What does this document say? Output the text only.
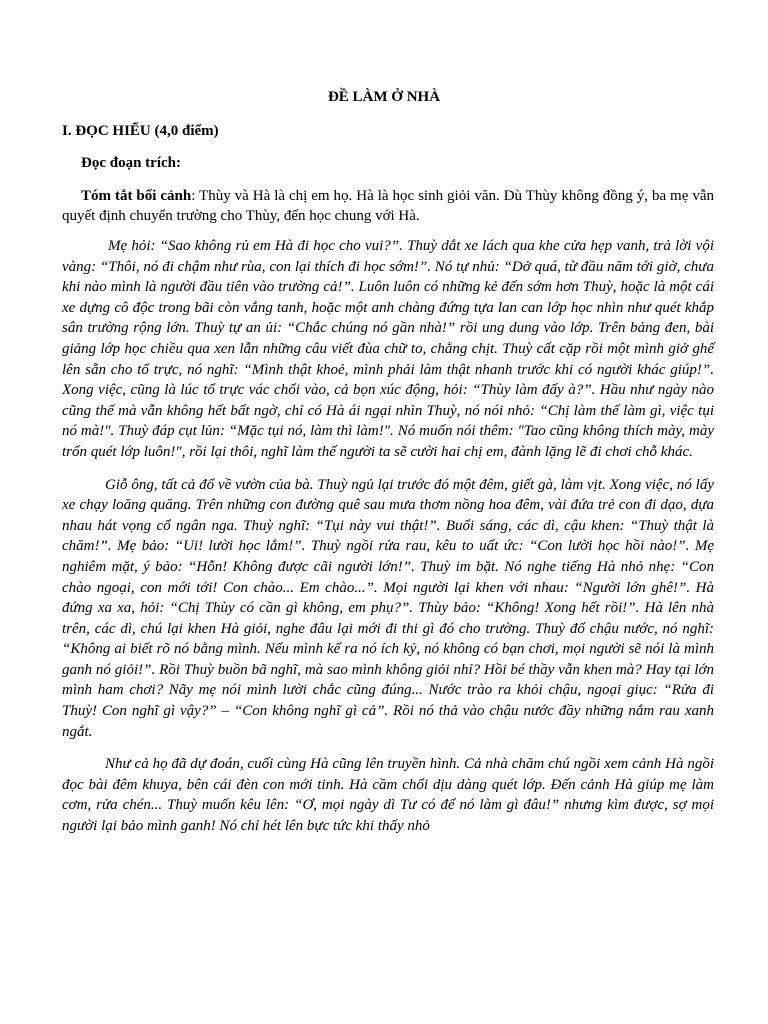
ĐỀ LÀM Ở NHÀ
I. ĐỌC HIỂU (4,0 điểm)
Đọc đoạn trích:

Tóm tắt bối cảnh: Thùy và Hà là chị em họ. Hà là học sinh giỏi văn. Dù Thùy không đồng ý, ba mẹ vẫn quyết định chuyển trường cho Thùy, đến học chung với Hà.

Mẹ hỏi: “Sao không rủ em Hà đi học cho vui?”. Thuỳ dắt xe lách qua khe cửa hẹp vanh, trả lời vội vàng: “Thôi, nó đi chậm như rùa, con lại thích đi học sớm!”. Nó tự nhủ: “Dở quá, từ đầu năm tới giờ, chưa khi nào mình là người đầu tiên vào trường cả!”. Luôn luôn có những kẻ đến sớm hơn Thuỳ, hoặc là một cái xe dựng cô độc trong bãi còn vắng tanh, hoặc một anh chàng đứng tựa lan can lớp học nhìn như quét khắp sân trường rộng lớn. Thuỳ tự an ủi: “Chắc chúng nó gần nhà!” rồi ung dung vào lớp. Trên bảng đen, bài giảng lớp học chiều qua xen lẫn những câu viết đùa chữ to, chằng chịt. Thuỳ cất cặp rồi một mình giở ghế lên sẵn cho tổ trực, nó nghĩ: “Mình thật khoẻ, mình phải làm thật nhanh trước khi có người khác giúp!”. Xong việc, cũng là lúc tổ trực vác chổi vào, cả bọn xúc động, hỏi: “Thùy làm đấy à?”. Hầu như ngày nào cũng thế mà vẫn không hết bất ngờ, chỉ có Hà ái ngại nhìn Thuỳ, nó nói nhỏ: “Chị làm thế làm gì, việc tụi nó mà!". Thuỳ đáp cụt lủn: “Mặc tụi nó, làm thì làm!". Nó muốn nói thêm: "Tao cũng không thích mày, mày trốn quét lớp luôn!", rồi lại thôi, nghĩ làm thế người ta sẽ cười hai chị em, đành lặng lẽ đi chơi chỗ khác.

Giỗ ông, tất cả đổ về vườn của bà. Thuỳ ngủ lại trước đó một đêm, giết gà, làm vịt. Xong việc, nó lấy xe chạy loăng quăng. Trên những con đường quê sau mưa thơm nồng hoa đêm, vài đứa trẻ con đi dạo, dựa nhau hát vọng cổ ngân nga. Thuỳ nghĩ: “Tụi này vui thật!”. Buổi sáng, các dì, cậu khen: “Thuỳ thật là chăm!”. Mẹ bảo: “Ui! lười học lắm!”. Thuỳ ngồi rửa rau, kêu to uất ức: “Con lười học hồi nào!”. Mẹ nghiêm mặt, ý bảo: “Hỗn! Không được cãi người lớn!”. Thuỳ im bặt. Nó nghe tiếng Hà nhỏ nhẹ: “Con chào ngoại, con mới tới! Con chào... Em chào...”. Mọi người lại khen với nhau: “Người lớn ghê!”. Hà đứng xa xa, hỏi: “Chị Thùy có cần gì không, em phụ?”. Thùy bảo: “Không! Xong hết rồi!”. Hà lên nhà trên, các dì, chú lại khen Hà giỏi, nghe đâu lại mới đi thi gì đó cho trường. Thuỳ đổ chậu nước, nó nghĩ: “Không ai biết rõ nó bằng mình. Nếu mình kể ra nó ích kỷ, nó không có bạn chơi, mọi người sẽ nói là mình ganh nó giỏi!”. Rồi Thuỳ buồn bã nghĩ, mà sao mình không giỏi nhỉ? Hồi bé thầy vẫn khen mà? Hay tại lớn mình ham chơi? Nãy mẹ nói mình lười chắc cũng đúng... Nước trào ra khỏi chậu, ngoại giục: “Rửa đi Thuỳ! Con nghĩ gì vậy?” – “Con không nghĩ gì cả”. Rồi nó thả vào chậu nước đầy những nắm rau xanh ngắt.

Như cả họ đã dự đoán, cuối cùng Hà cũng lên truyền hình. Cả nhà chăm chú ngồi xem cảnh Hà ngồi đọc bài đêm khuya, bên cái đèn con mới tinh. Hà cầm chổi dịu dàng quét lớp. Đến cảnh Hà giúp mẹ làm cơm, rửa chén... Thuỳ muốn kêu lên: “Ơ, mọi ngày dì Tư có để nó làm gì đâu!” nhưng kìm được, sợ mọi người lại bảo mình ganh! Nó chỉ hét lên bực tức khi thấy nhỏ
